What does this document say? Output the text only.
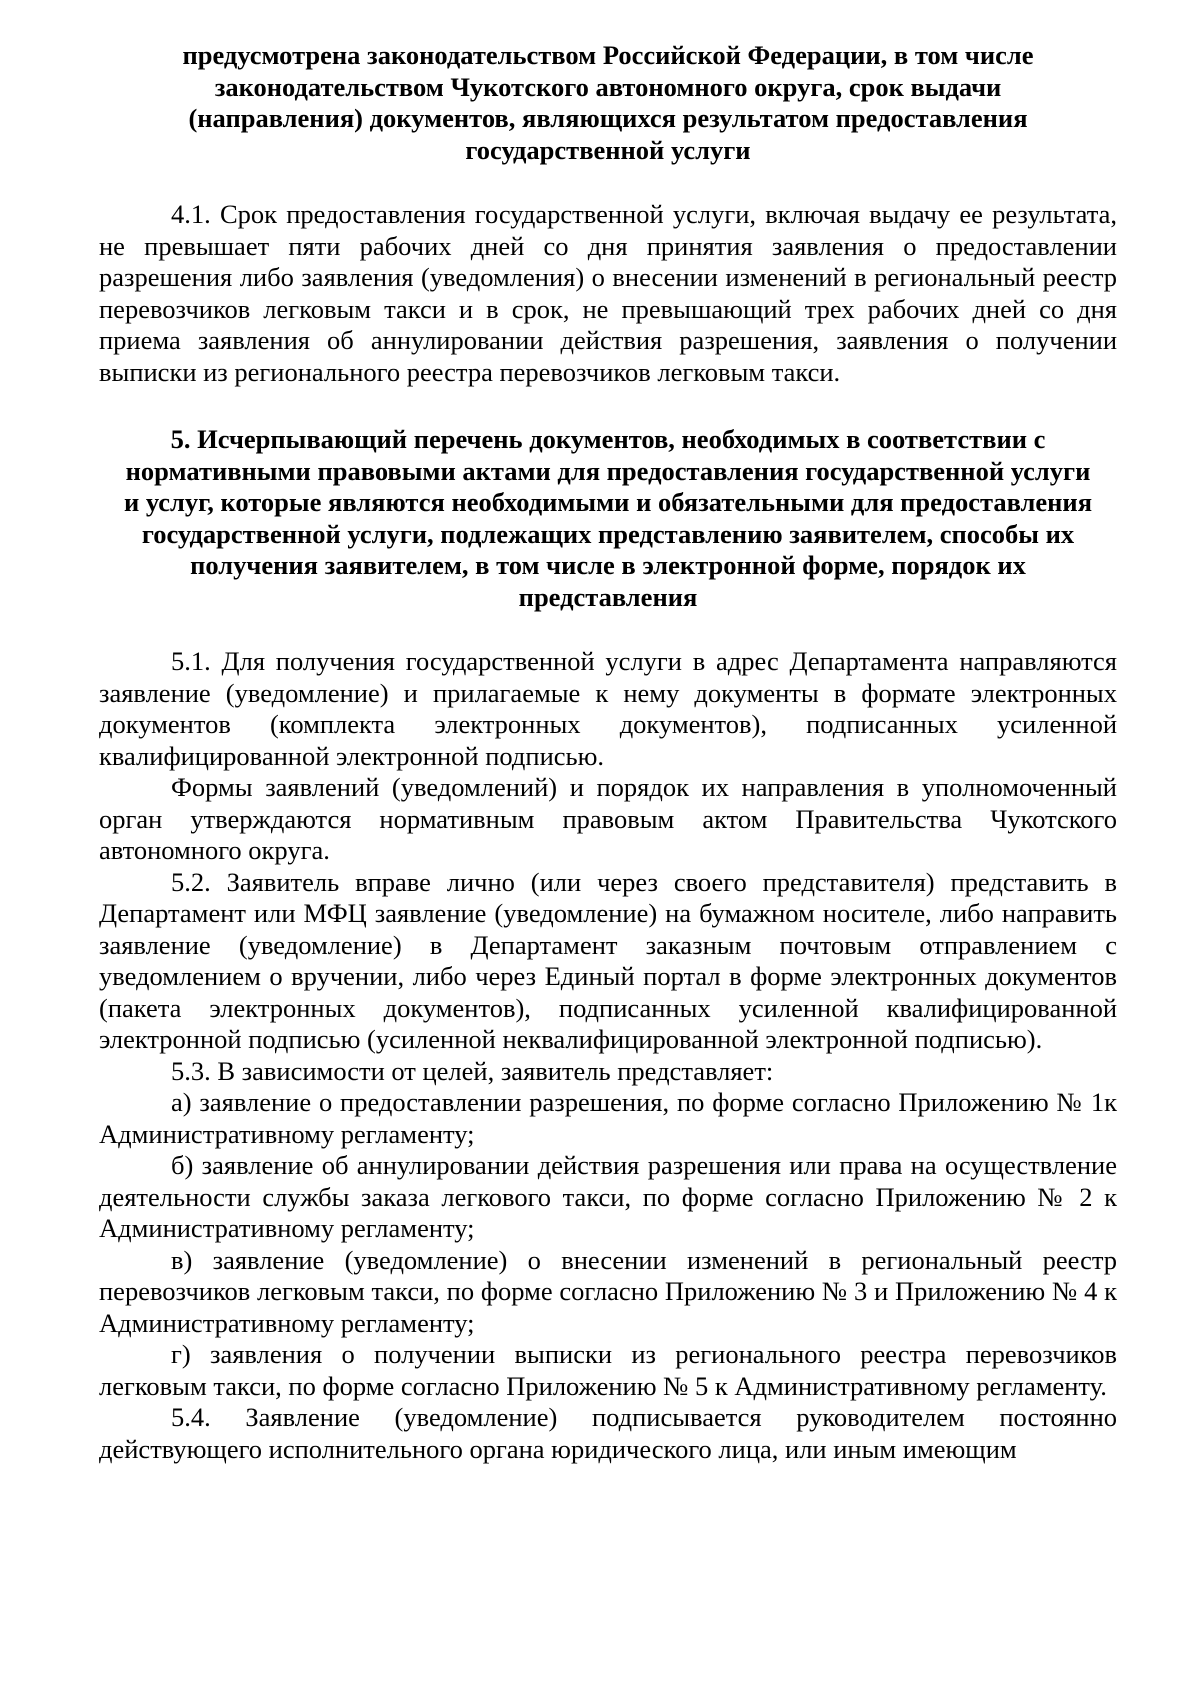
предусмотрена законодательством Российской Федерации, в том числе законодательством Чукотского автономного округа, срок выдачи (направления) документов, являющихся результатом предоставления государственной услуги

4.1. Срок предоставления государственной услуги, включая выдачу ее результата, не превышает пяти рабочих дней со дня принятия заявления о предоставлении разрешения либо заявления (уведомления) о внесении изменений в региональный реестр перевозчиков легковым такси и в срок, не превышающий трех рабочих дней со дня приема заявления об аннулировании действия разрешения, заявления о получении выписки из регионального реестра перевозчиков легковым такси.

5. Исчерпывающий перечень документов, необходимых в соответствии с нормативными правовыми актами для предоставления государственной услуги и услуг, которые являются необходимыми и обязательными для предоставления государственной услуги, подлежащих представлению заявителем, способы их получения заявителем, в том числе в электронной форме, порядок их представления

5.1. Для получения государственной услуги в адрес Департамента направляются заявление (уведомление) и прилагаемые к нему документы в формате электронных документов (комплекта электронных документов), подписанных усиленной квалифицированной электронной подписью.

Формы заявлений (уведомлений) и порядок их направления в уполномоченный орган утверждаются нормативным правовым актом Правительства Чукотского автономного округа.

5.2. Заявитель вправе лично (или через своего представителя) представить в Департамент или МФЦ заявление (уведомление) на бумажном носителе, либо направить заявление (уведомление) в Департамент заказным почтовым отправлением с уведомлением о вручении, либо через Единый портал в форме электронных документов (пакета электронных документов), подписанных усиленной квалифицированной электронной подписью (усиленной неквалифицированной электронной подписью).

5.3. В зависимости от целей, заявитель представляет:

а) заявление о предоставлении разрешения, по форме согласно Приложению № 1к Административному регламенту;

б) заявление об аннулировании действия разрешения или права на осуществление деятельности службы заказа легкового такси, по форме согласно Приложению № 2 к Административному регламенту;

в) заявление (уведомление) о внесении изменений в региональный реестр перевозчиков легковым такси, по форме согласно Приложению № 3 и Приложению № 4 к Административному регламенту;

г) заявления о получении выписки из регионального реестра перевозчиков легковым такси, по форме согласно Приложению № 5 к Административному регламенту.

5.4. Заявление (уведомление) подписывается руководителем постоянно действующего исполнительного органа юридического лица, или иным имеющим
